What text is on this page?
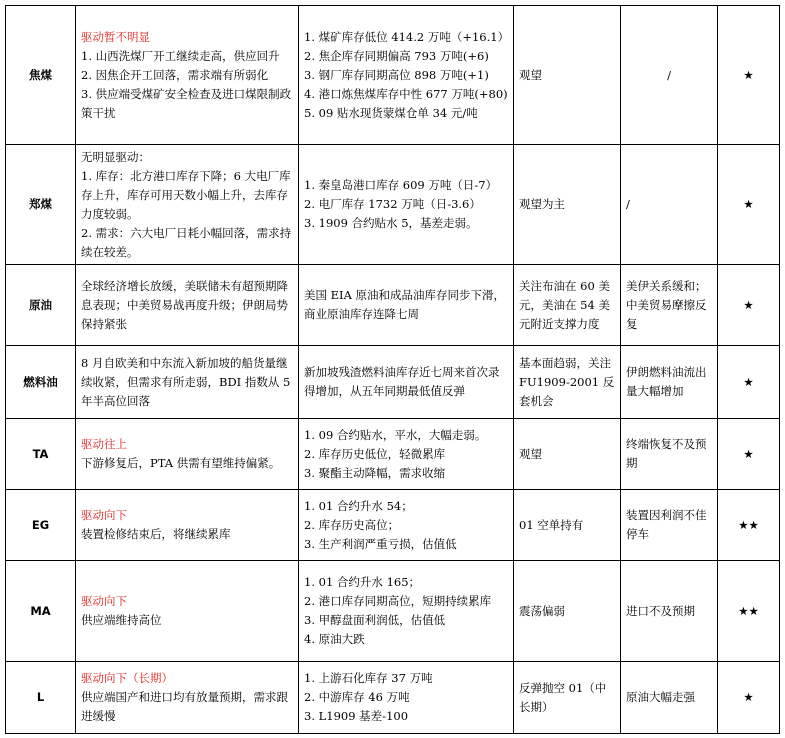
焦煤	驱动暂不明显
1. 山西洗煤厂开工继续走高，供应回升
2. 因焦企开工回落，需求端有所弱化
3. 供应端受煤矿安全检查及进口煤限制政策干扰	1. 煤矿库存低位 414.2 万吨（+16.1）
2. 焦企库存同期偏高 793 万吨(+6)
3. 钢厂库存同期高位 898 万吨(+1)
4. 港口炼焦煤库存中性 677 万吨(+80)
5. 09 贴水现货蒙煤仓单 34 元/吨	观望	/	★
郑煤	无明显驱动：
1. 库存：北方港口库存下降；6 大电厂库存上升，库存可用天数小幅上升，去库存力度较弱。
2. 需求：六大电厂日耗小幅回落，需求持续在较差。	1. 秦皇岛港口库存 609 万吨（日-7）
2. 电厂库存 1732 万吨（日-3.6）
3. 1909 合约贴水 5，基差走弱。	观望为主	/	★
原油	全球经济增长放缓，美联储未有超预期降息表现；中美贸易战再度升级；伊朗局势保持紧张	美国 EIA 原油和成品油库存同步下滑，商业原油库存连降七周	关注布油在 60 美元，美油在 54 美元附近支撑力度	美伊关系缓和；中美贸易摩擦反复	★
燃料油	8 月自欧美和中东流入新加坡的船货量继续收紧，但需求有所走弱，BDI 指数从 5 年半高位回落	新加坡残渣燃料油库存近七周来首次录得增加，从五年同期最低值反弹	基本面趋弱，关注 FU1909-2001 反套机会	伊朗燃料油流出量大幅增加	★
TA	驱动往上
下游修复后，PTA 供需有望维持偏紧。	1. 09 合约贴水，平水，大幅走弱。
2. 库存历史低位，轻微累库
3. 聚酯主动降幅，需求收缩	观望	终端恢复不及预期	★
EG	驱动向下
装置检修结束后，将继续累库	1. 01 合约升水 54；
2. 库存历史高位；
3. 生产利润严重亏损，估值低	01 空单持有	装置因利润不佳停车	★★
MA	驱动向下
供应端维持高位	1. 01 合约升水 165；
2. 港口库存同期高位，短期持续累库
3. 甲醇盘面利润低，估值低
4. 原油大跌	震荡偏弱	进口不及预期	★★
L	驱动向下（长期）
供应端国产和进口均有放量预期，需求跟进缓慢	1. 上游石化库存 37 万吨
2. 中游库存 46 万吨
3. L1909 基差-100	反弹抛空 01（中长期）	原油大幅走强	★
